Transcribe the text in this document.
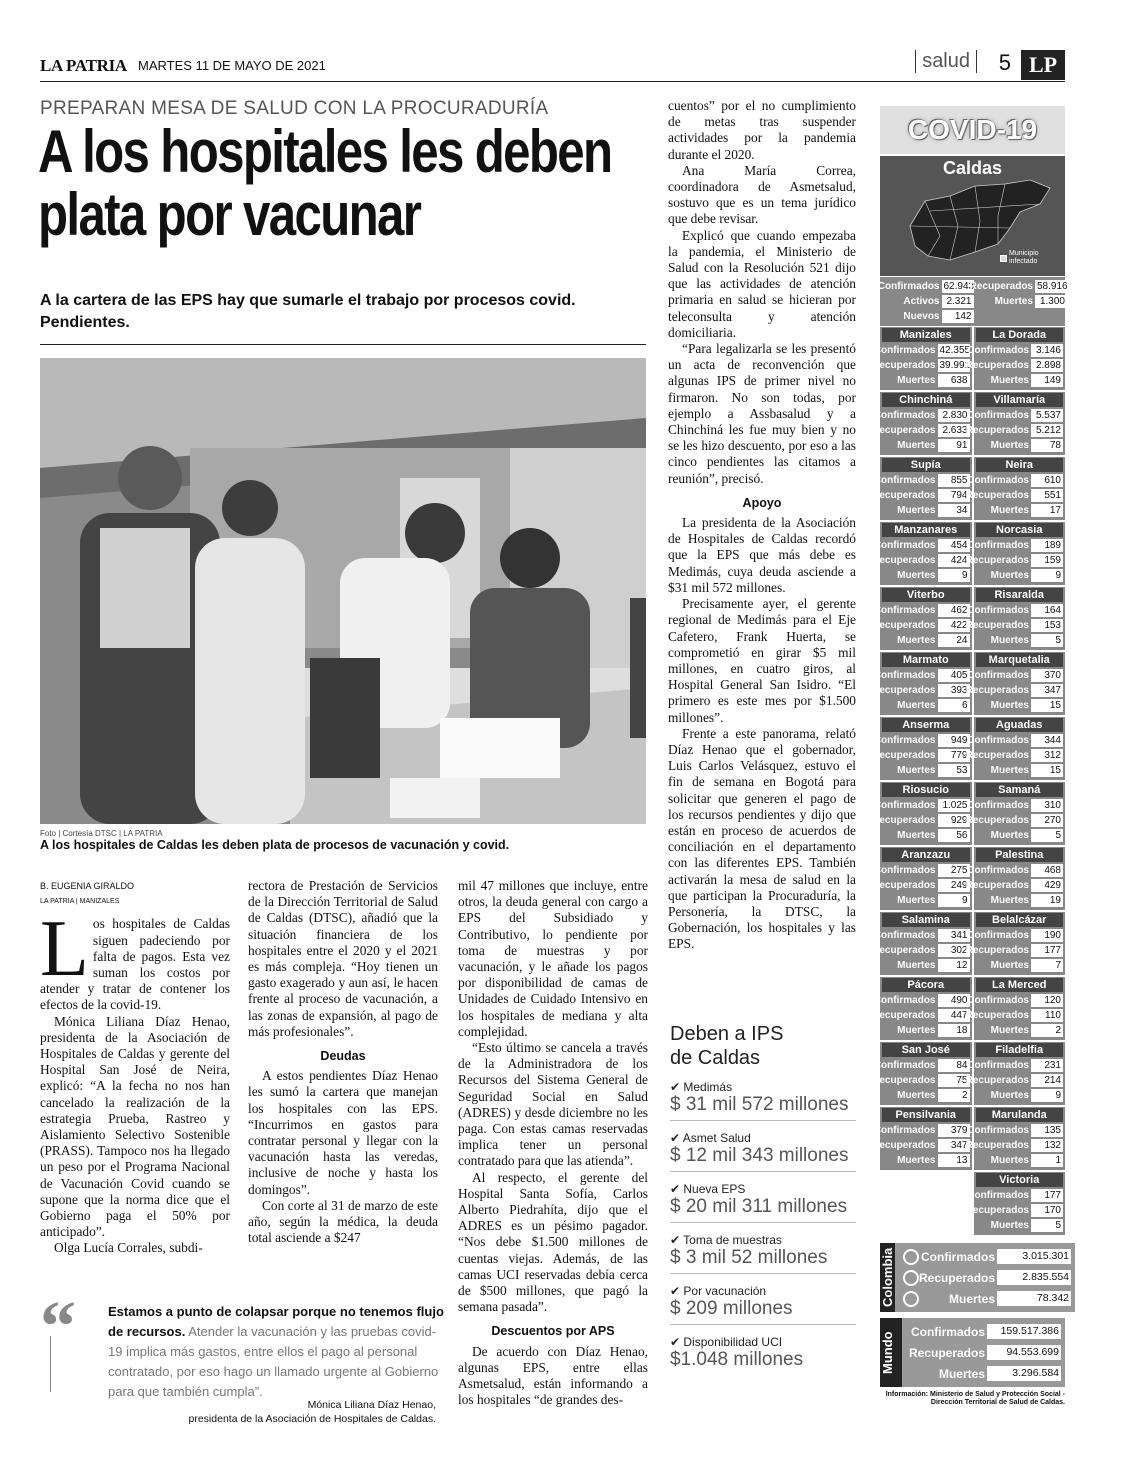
LA PATRIA MARTES 11 DE MAYO DE 2021	salud	5 LP
PREPARAN MESA DE SALUD CON LA PROCURADURÍA
A los hospitales les deben plata por vacunar
A la cartera de las EPS hay que sumarle el trabajo por procesos covid. Pendientes.
Foto | Cortesía DTSC | LA PATRIA
A los hospitales de Caldas les deben plata de procesos de vacunación y covid.
B. EUGENIA GIRALDO
LA PATRIA | MANIZALES
L os hospitales de Caldas siguen padeciendo por falta de pagos. Esta vez suman los costos por atender y tratar de contener los efectos de la covid-19.

Mónica Liliana Díaz Henao, presidenta de la Asociación de Hospitales de Caldas y gerente del Hospital San José de Neira, explicó: “A la fecha no nos han cancelado la realización de la estrategia Prueba, Rastreo y Aislamiento Selectivo Sostenible (PRASS). Tampoco nos ha llegado un peso por el Programa Nacional de Vacunación Covid cuando se supone que la norma dice que el Gobierno paga el 50% por anticipado”.

Olga Lucía Corrales, subdi-

rectora de Prestación de Servicios de la Dirección Territorial de Salud de Caldas (DTSC), añadió que la situación financiera de los hospitales entre el 2020 y el 2021 es más compleja. “Hoy tienen un gasto exagerado y aun así, le hacen frente al proceso de vacunación, a las zonas de expansión, al pago de más profesionales”.

Deudas

A estos pendientes Díaz Henao les sumó la cartera que manejan los hospitales con las EPS. “Incurrimos en gastos para contratar personal y llegar con la vacunación hasta las veredas, inclusive de noche y hasta los domingos”.

Con corte al 31 de marzo de este año, según la médica, la deuda total asciende a $247

mil 47 millones que incluye, entre otros, la deuda general con cargo a EPS del Subsidiado y Contributivo, lo pendiente por toma de muestras y por vacunación, y le añade los pagos por disponibilidad de camas de Unidades de Cuidado Intensivo en los hospitales de mediana y alta complejidad.

“Esto último se cancela a través de la Administradora de los Recursos del Sistema General de Seguridad Social en Salud (ADRES) y desde diciembre no les paga. Con estas camas reservadas implica tener un personal contratado para que las atienda”.

Al respecto, el gerente del Hospital Santa Sofía, Carlos Alberto Piedrahíta, dijo que el ADRES es un pésimo pagador. “Nos debe $1.500 millones de cuentas viejas. Además, de las camas UCI reservadas debía cerca de $500 millones, que pagó la semana pasada”.

Descuentos por APS

De acuerdo con Díaz Henao, algunas EPS, entre ellas Asmetsalud, están informando a los hospitales “de grandes des-

cuentos” por el no cumplimiento de metas tras suspender actividades por la pandemia durante el 2020.

Ana María Correa, coordinadora de Asmetsalud, sostuvo que es un tema jurídico que debe revisar.

Explicó que cuando empezaba la pandemia, el Ministerio de Salud con la Resolución 521 dijo que las actividades de atención primaria en salud se hicieran por teleconsulta y atención domiciliaria.

“Para legalizarla se les presentó un acta de reconvención que algunas IPS de primer nivel no firmaron. No son todas, por ejemplo a Assbasalud y a Chinchiná les fue muy bien y no se les hizo descuento, por eso a las cinco pendientes las citamos a reunión”, precisó.

Apoyo

La presidenta de la Asociación de Hospitales de Caldas recordó que la EPS que más debe es Medimás, cuya deuda asciende a $31 mil 572 millones.

Precisamente ayer, el gerente regional de Medimás para el Eje Cafetero, Frank Huerta, se comprometió en girar $5 mil millones, en cuatro giros, al Hospital General San Isidro. “El primero es este mes por $1.500 millones”.

Frente a este panorama, relató Díaz Henao que el gobernador, Luis Carlos Velásquez, estuvo el fin de semana en Bogotá para solicitar que generen el pago de los recursos pendientes y dijo que están en proceso de acuerdos de conciliación en el departamento con las diferentes EPS. También activarán la mesa de salud en la que participan la Procuraduría, la Personería, la DTSC, la Gobernación, los hospitales y las EPS.

“ Estamos a punto de colapsar porque no tenemos flujo de recursos. Atender la vacunación y las pruebas covid-19 implica más gastos, entre ellos el pago al personal contratado, por eso hago un llamado urgente al Gobierno para que también cumpla”.
Mónica Liliana Díaz Henao,
presidenta de la Asociación de Hospitales de Caldas.
Deben a IPS
de Caldas
✔ Medimás
$ 31 mil 572 millones
✔ Asmet Salud
$ 12 mil 343 millones
✔ Nueva EPS
$ 20 mil 311 millones
✔ Toma de muestras
$ 3 mil 52 millones
✔ Por vacunación
$ 209 millones
✔ Disponibilidad UCI
$1.048 millones
COVID-19
Caldas
Municipio infectado
Confirmados 62.943
Activos 2.321
Nuevos	142
Recuperados 58.916
Muertes 1.300
Manizales
Confirmados 42.355
Recuperados 39.991
Muertes	638
Chinchiná
Confirmados 2.830
Recuperados 2.633
Muertes	91
Supía
Confirmados	855
Recuperados	794
Muertes	34
Manzanares
Confirmados	454
Recuperados	424
Muertes	9
Viterbo
Confirmados	462
Recuperados	422
Muertes	24
Marmato
Confirmados	405
Recuperados	393
Muertes	6
Anserma
Confirmados	949
Recuperados	779
Muertes	53
Riosucio
Confirmados 1.025
Recuperados	929
Muertes	56
Aranzazu
Confirmados	275
Recuperados	249
Muertes	9
Salamina
Confirmados	341
Recuperados	302
Muertes	12
Pácora
Confirmados	490
Recuperados	447
Muertes	18
San José
Confirmados	84
Recuperados	75
Muertes	2
Pensilvania
Confirmados	379
Recuperados	347
Muertes	13
La Dorada
Confirmados 3.146
Recuperados 2.898
Muertes	149
Villamaría
Confirmados 5.537
Recuperados 5.212
Muertes	78
Neira
Confirmados	610
Recuperados	551
Muertes	17
Norcasia
Confirmados	189
Recuperados	159
Muertes	9
Risaralda
Confirmados	164
Recuperados	153
Muertes	5
Marquetalia
Confirmados	370
Recuperados	347
Muertes	15
Aguadas
Confirmados	344
Recuperados	312
Muertes	15
Samaná
Confirmados	310
Recuperados	270
Muertes	5
Palestina
Confirmados	468
Recuperados	429
Muertes	19
Belalcázar
Confirmados	190
Recuperados	177
Muertes	7
La Merced
Confirmados	120
Recuperados	110
Muertes	2
Filadelfia
Confirmados	231
Recuperados	214
Muertes	9
Marulanda
Confirmados	135
Recuperados	132
Muertes	1
Victoria
Confirmados	177
Recuperados	170
Muertes	5
Colombia Confirmados	3.015.301
Recuperados	2.835.554
Muertes	78.342
Mundo	Confirmados	159.517.386
Recuperados	94.553.699
Muertes	3.296.584
Información: Ministerio de Salud y Protección Social - Dirección Territorial de Salud de Caldas.
